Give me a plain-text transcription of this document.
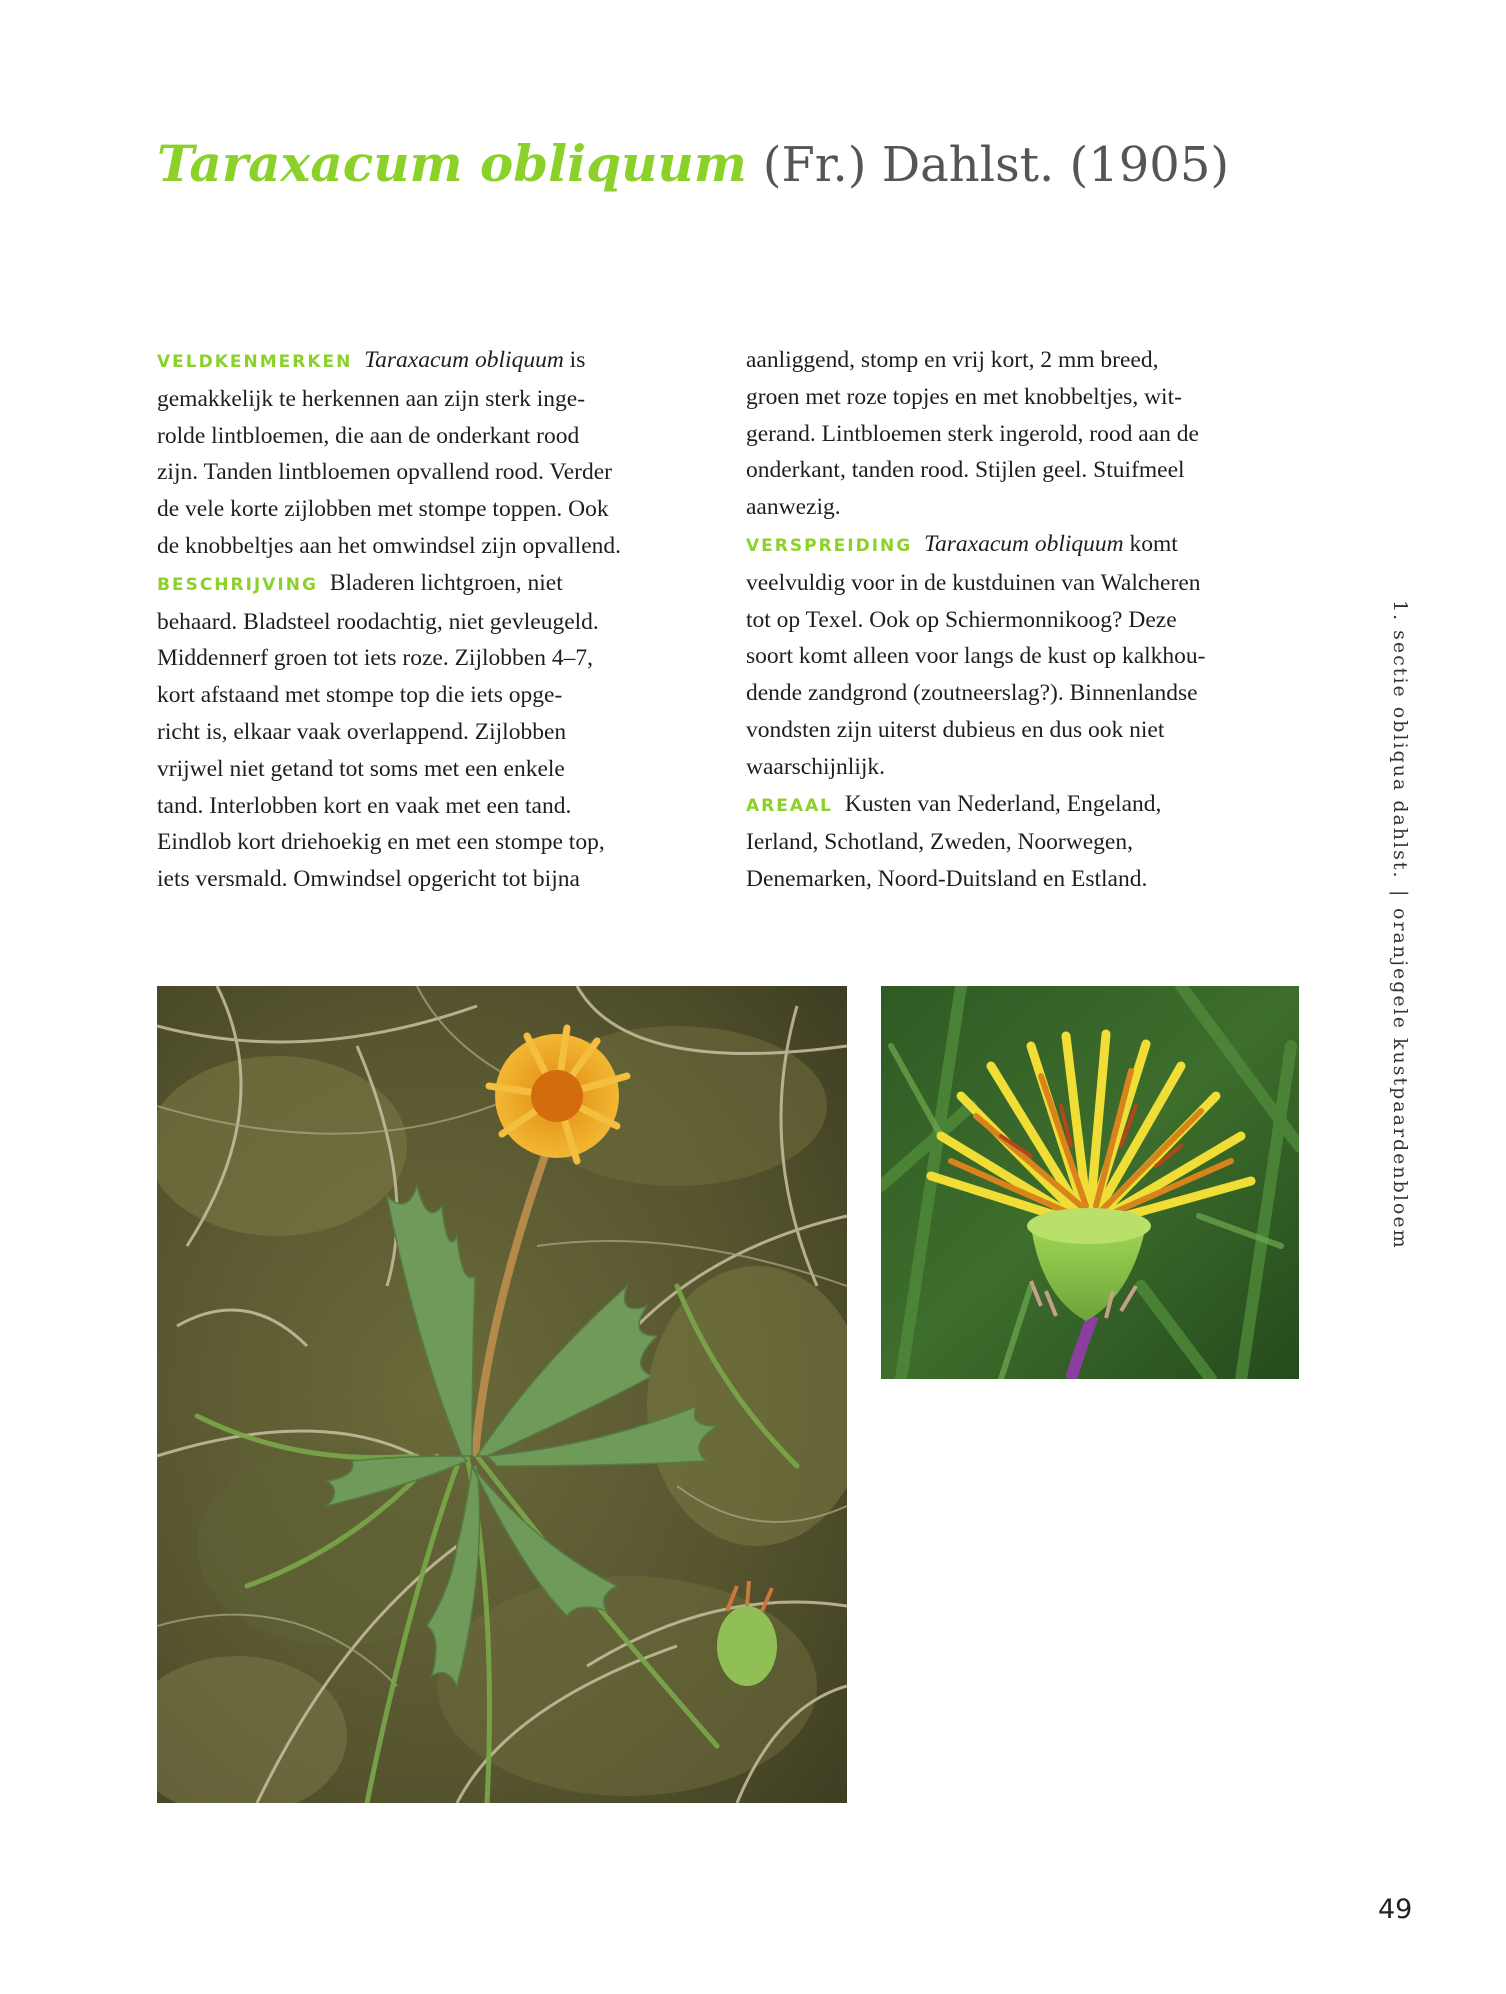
Taraxacum obliquum (Fr.) Dahlst. (1905)

VELDKENMERKEN Taraxacum obliquum is

gemakkelijk te herkennen aan zijn sterk inge-

rolde lintbloemen, die aan de onderkant rood

zijn. Tanden lintbloemen opvallend rood. Verder

de vele korte zijlobben met stompe toppen. Ook

de knobbeltjes aan het omwindsel zijn opvallend.

BESCHRIJVING Bladeren lichtgroen, niet

behaard. Bladsteel roodachtig, niet gevleugeld.

Middennerf groen tot iets roze. Zijlobben 4–7,

kort afstaand met stompe top die iets opge-

richt is, elkaar vaak overlappend. Zijlobben

vrijwel niet getand tot soms met een enkele

tand. Interlobben kort en vaak met een tand.

Eindlob kort driehoekig en met een stompe top,

iets versmald. Omwindsel opgericht tot bijna

aanliggend, stomp en vrij kort, 2 mm breed,

groen met roze topjes en met knobbeltjes, wit-

gerand. Lintbloemen sterk ingerold, rood aan de

onderkant, tanden rood. Stijlen geel. Stuifmeel

aanwezig.

VERSPREIDING Taraxacum obliquum komt

veelvuldig voor in de kustduinen van Walcheren

tot op Texel. Ook op Schiermonnikoog? Deze

soort komt alleen voor langs de kust op kalkhou-

dende zandgrond (zoutneerslag?). Binnenlandse

vondsten zijn uiterst dubieus en dus ook niet

waarschijnlijk.

AREAAL Kusten van Nederland, Engeland,

Ierland, Schotland, Zweden, Noorwegen,

Denemarken, Noord-Duitsland en Estland.	1. sectie obliqua dahlst.
|
oranjegele kustpaardenbloem
49
